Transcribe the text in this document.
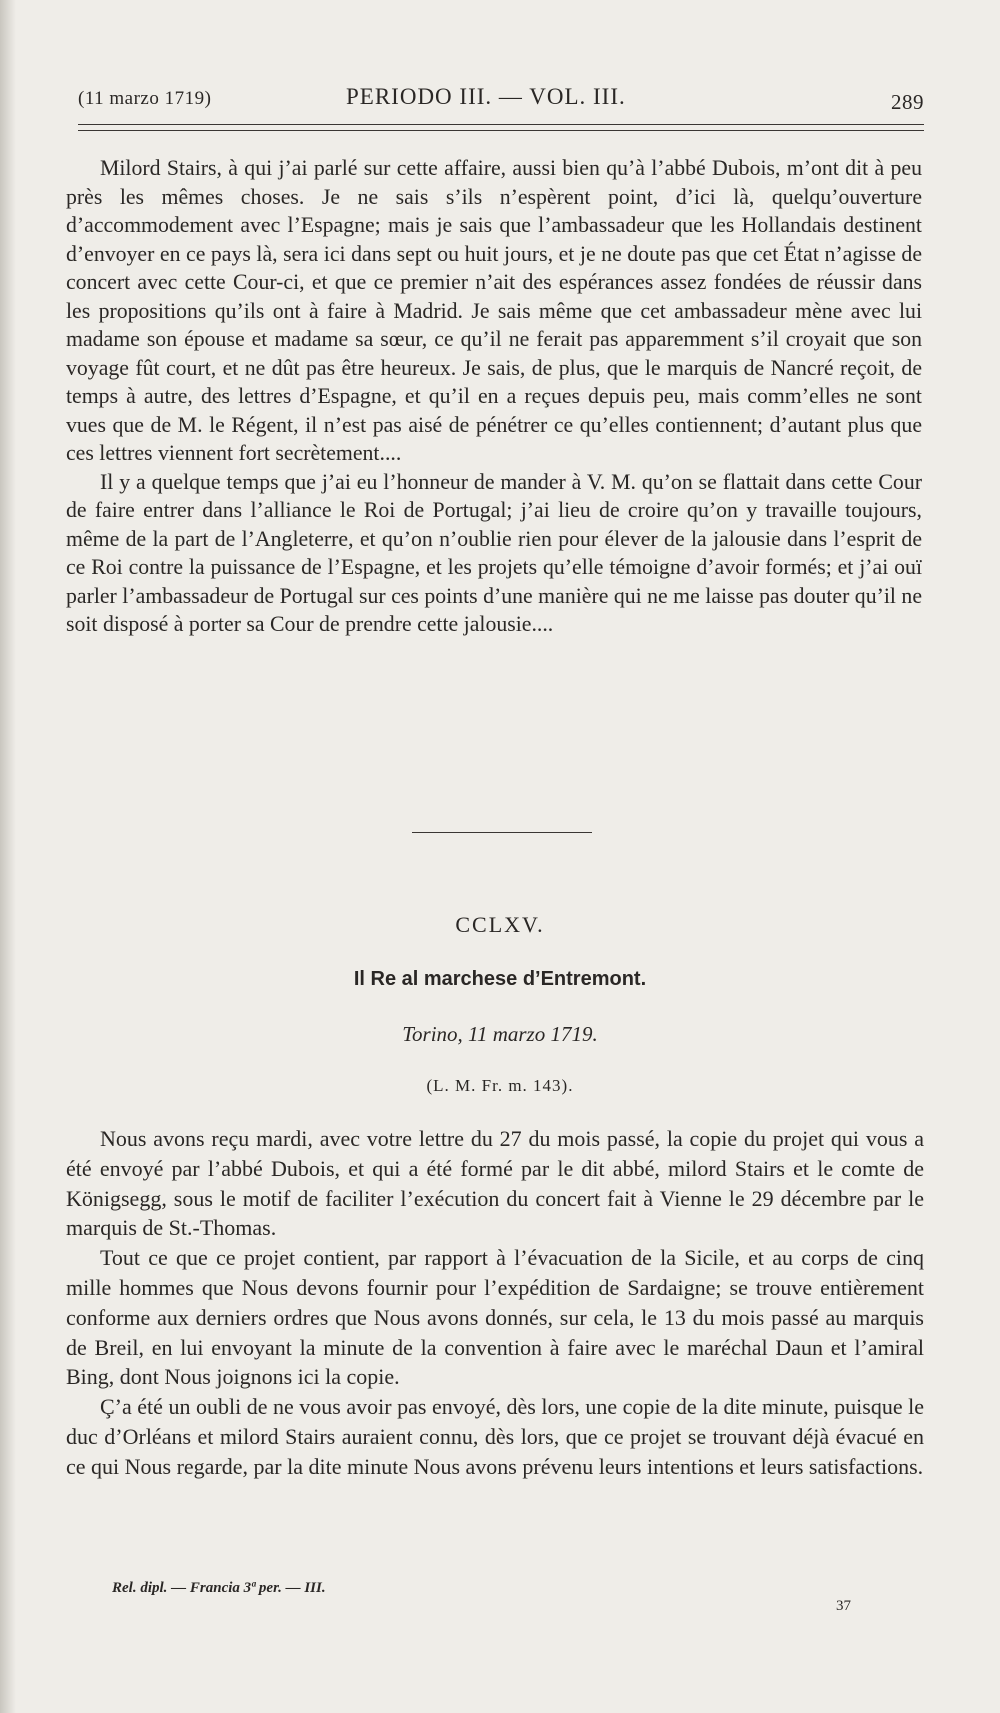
(11 marzo 1719)	PERIODO III. — VOL. III.	289

Milord Stairs, à qui j’ai parlé sur cette affaire, aussi bien qu’à l’abbé Dubois, m’ont dit à peu près les mêmes choses. Je ne sais s’ils n’espèrent point, d’ici là, quelqu’ouverture d’accommodement avec l’Espagne; mais je sais que l’ambassadeur que les Hollandais destinent d’envoyer en ce pays là, sera ici dans sept ou huit jours, et je ne doute pas que cet État n’agisse de concert avec cette Cour-ci, et que ce premier n’ait des espérances assez fondées de réussir dans les propositions qu’ils ont à faire à Madrid. Je sais même que cet ambassadeur mène avec lui madame son épouse et madame sa sœur, ce qu’il ne ferait pas apparemment s’il croyait que son voyage fût court, et ne dût pas être heureux. Je sais, de plus, que le marquis de Nancré reçoit, de temps à autre, des lettres d’Espagne, et qu’il en a reçues depuis peu, mais comm’elles ne sont vues que de M. le Régent, il n’est pas aisé de pénétrer ce qu’elles contiennent; d’autant plus que ces lettres viennent fort secrètement....

Il y a quelque temps que j’ai eu l’honneur de mander à V. M. qu’on se flattait dans cette Cour de faire entrer dans l’alliance le Roi de Portugal; j’ai lieu de croire qu’on y travaille toujours, même de la part de l’Angleterre, et qu’on n’oublie rien pour élever de la jalousie dans l’esprit de ce Roi contre la puissance de l’Espagne, et les projets qu’elle témoigne d’avoir formés; et j’ai ouï parler l’ambassadeur de Portugal sur ces points d’une manière qui ne me laisse pas douter qu’il ne soit disposé à porter sa Cour de prendre cette jalousie....

CCLXV.
Il Re al marchese d’Entremont.
Torino, 11 marzo 1719.
(L. M. Fr. m. 143).

Nous avons reçu mardi, avec votre lettre du 27 du mois passé, la copie du projet qui vous a été envoyé par l’abbé Dubois, et qui a été formé par le dit abbé, milord Stairs et le comte de Königsegg, sous le motif de faciliter l’exécution du concert fait à Vienne le 29 décembre par le marquis de St.-Thomas.

Tout ce que ce projet contient, par rapport à l’évacuation de la Sicile, et au corps de cinq mille hommes que Nous devons fournir pour l’expédition de Sardaigne; se trouve entièrement conforme aux derniers ordres que Nous avons donnés, sur cela, le 13 du mois passé au marquis de Breil, en lui envoyant la minute de la convention à faire avec le maréchal Daun et l’amiral Bing, dont Nous joignons ici la copie.

Ç’a été un oubli de ne vous avoir pas envoyé, dès lors, une copie de la dite minute, puisque le duc d’Orléans et milord Stairs auraient connu, dès lors, que ce projet se trouvant déjà évacué en ce qui Nous regarde, par la dite minute Nous avons prévenu leurs intentions et leurs satisfactions.

37
Rel. dipl. — Francia 3ª per. — III.
